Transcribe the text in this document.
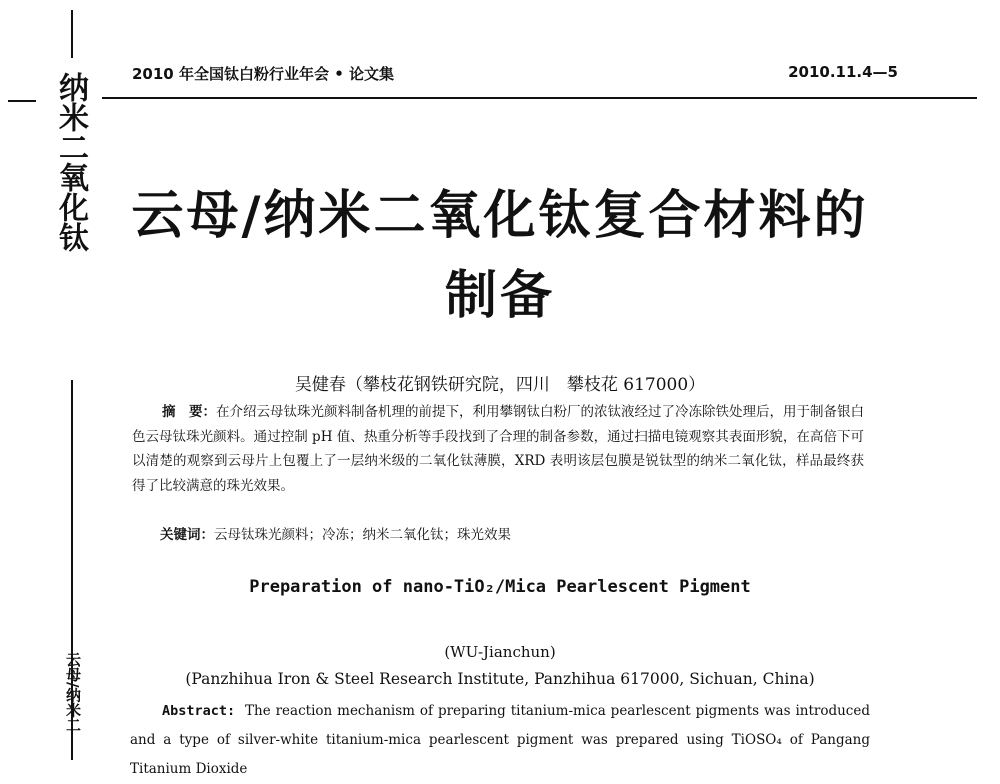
纳米二氧化钛
云母/纳米二
2010 年全国钛白粉行业年会 • 论文集	2010.11.4—5
云母/纳米二氧化钛复合材料的
制备
吴健春（攀枝花钢铁研究院，四川　攀枝花 617000）
摘　要：在介绍云母钛珠光颜料制备机理的前提下，利用攀钢钛白粉厂的浓钛液经过了冷冻除铁处理后，用于制备银白色云母钛珠光颜料。通过控制 pH 值、热重分析等手段找到了合理的制备参数，通过扫描电镜观察其表面形貌，在高倍下可以清楚的观察到云母片上包覆上了一层纳米级的二氧化钛薄膜，XRD 表明该层包膜是锐钛型的纳米二氧化钛，样品最终获得了比较满意的珠光效果。
关键词：云母钛珠光颜料；冷冻；纳米二氧化钛；珠光效果
Preparation of nano-TiO₂/Mica Pearlescent Pigment
(WU-Jianchun)
(Panzhihua Iron & Steel Research Institute, Panzhihua 617000, Sichuan, China)
Abstract: The reaction mechanism of preparing titanium-mica pearlescent pigments was introduced and a type of silver-white titanium-mica pearlescent pigment was prepared using TiOSO₄ of Pangang Titanium Dioxide
